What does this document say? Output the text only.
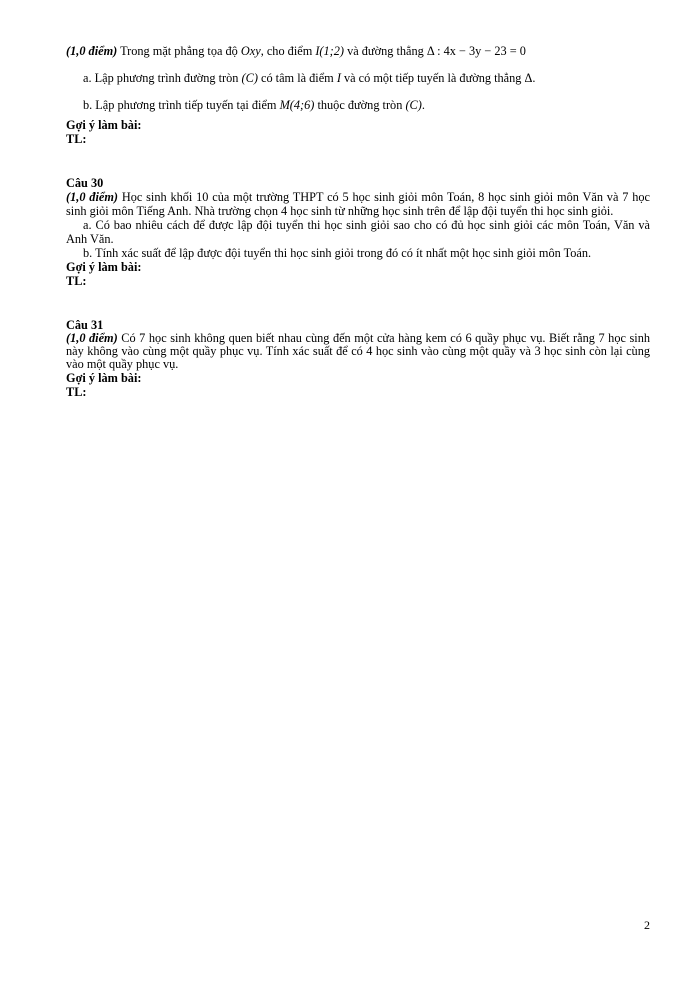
(1,0 điểm) Trong mặt phẳng tọa độ Oxy, cho điểm I(1;2) và đường thẳng Δ : 4x − 3y − 23 = 0
a. Lập phương trình đường tròn (C) có tâm là điểm I và có một tiếp tuyến là đường thẳng Δ.
b. Lập phương trình tiếp tuyến tại điểm M(4;6) thuộc đường tròn (C).
Gợi ý làm bài:
TL:
Câu 30
(1,0 điểm) Học sinh khối 10 của một trường THPT có 5 học sinh giỏi môn Toán, 8 học sinh giỏi môn Văn và 7 học sinh giỏi môn Tiếng Anh. Nhà trường chọn 4 học sinh từ những học sinh trên để lập đội tuyển thi học sinh giỏi.
a. Có bao nhiêu cách để được lập đội tuyển thi học sinh giỏi sao cho có đủ học sinh giỏi các môn Toán, Văn và Anh Văn.
b. Tính xác suất để lập được đội tuyển thi học sinh giỏi trong đó có ít nhất một học sinh giỏi môn Toán.
Gợi ý làm bài:
TL:
Câu 31
(1,0 điểm) Có 7 học sinh không quen biết nhau cùng đến một cửa hàng kem có 6 quầy phục vụ. Biết rằng 7 học sinh này không vào cùng một quầy phục vụ. Tính xác suất để có 4 học sinh vào cùng một quầy và 3 học sinh còn lại cùng vào một quầy phục vụ.
Gợi ý làm bài:
TL:
2
